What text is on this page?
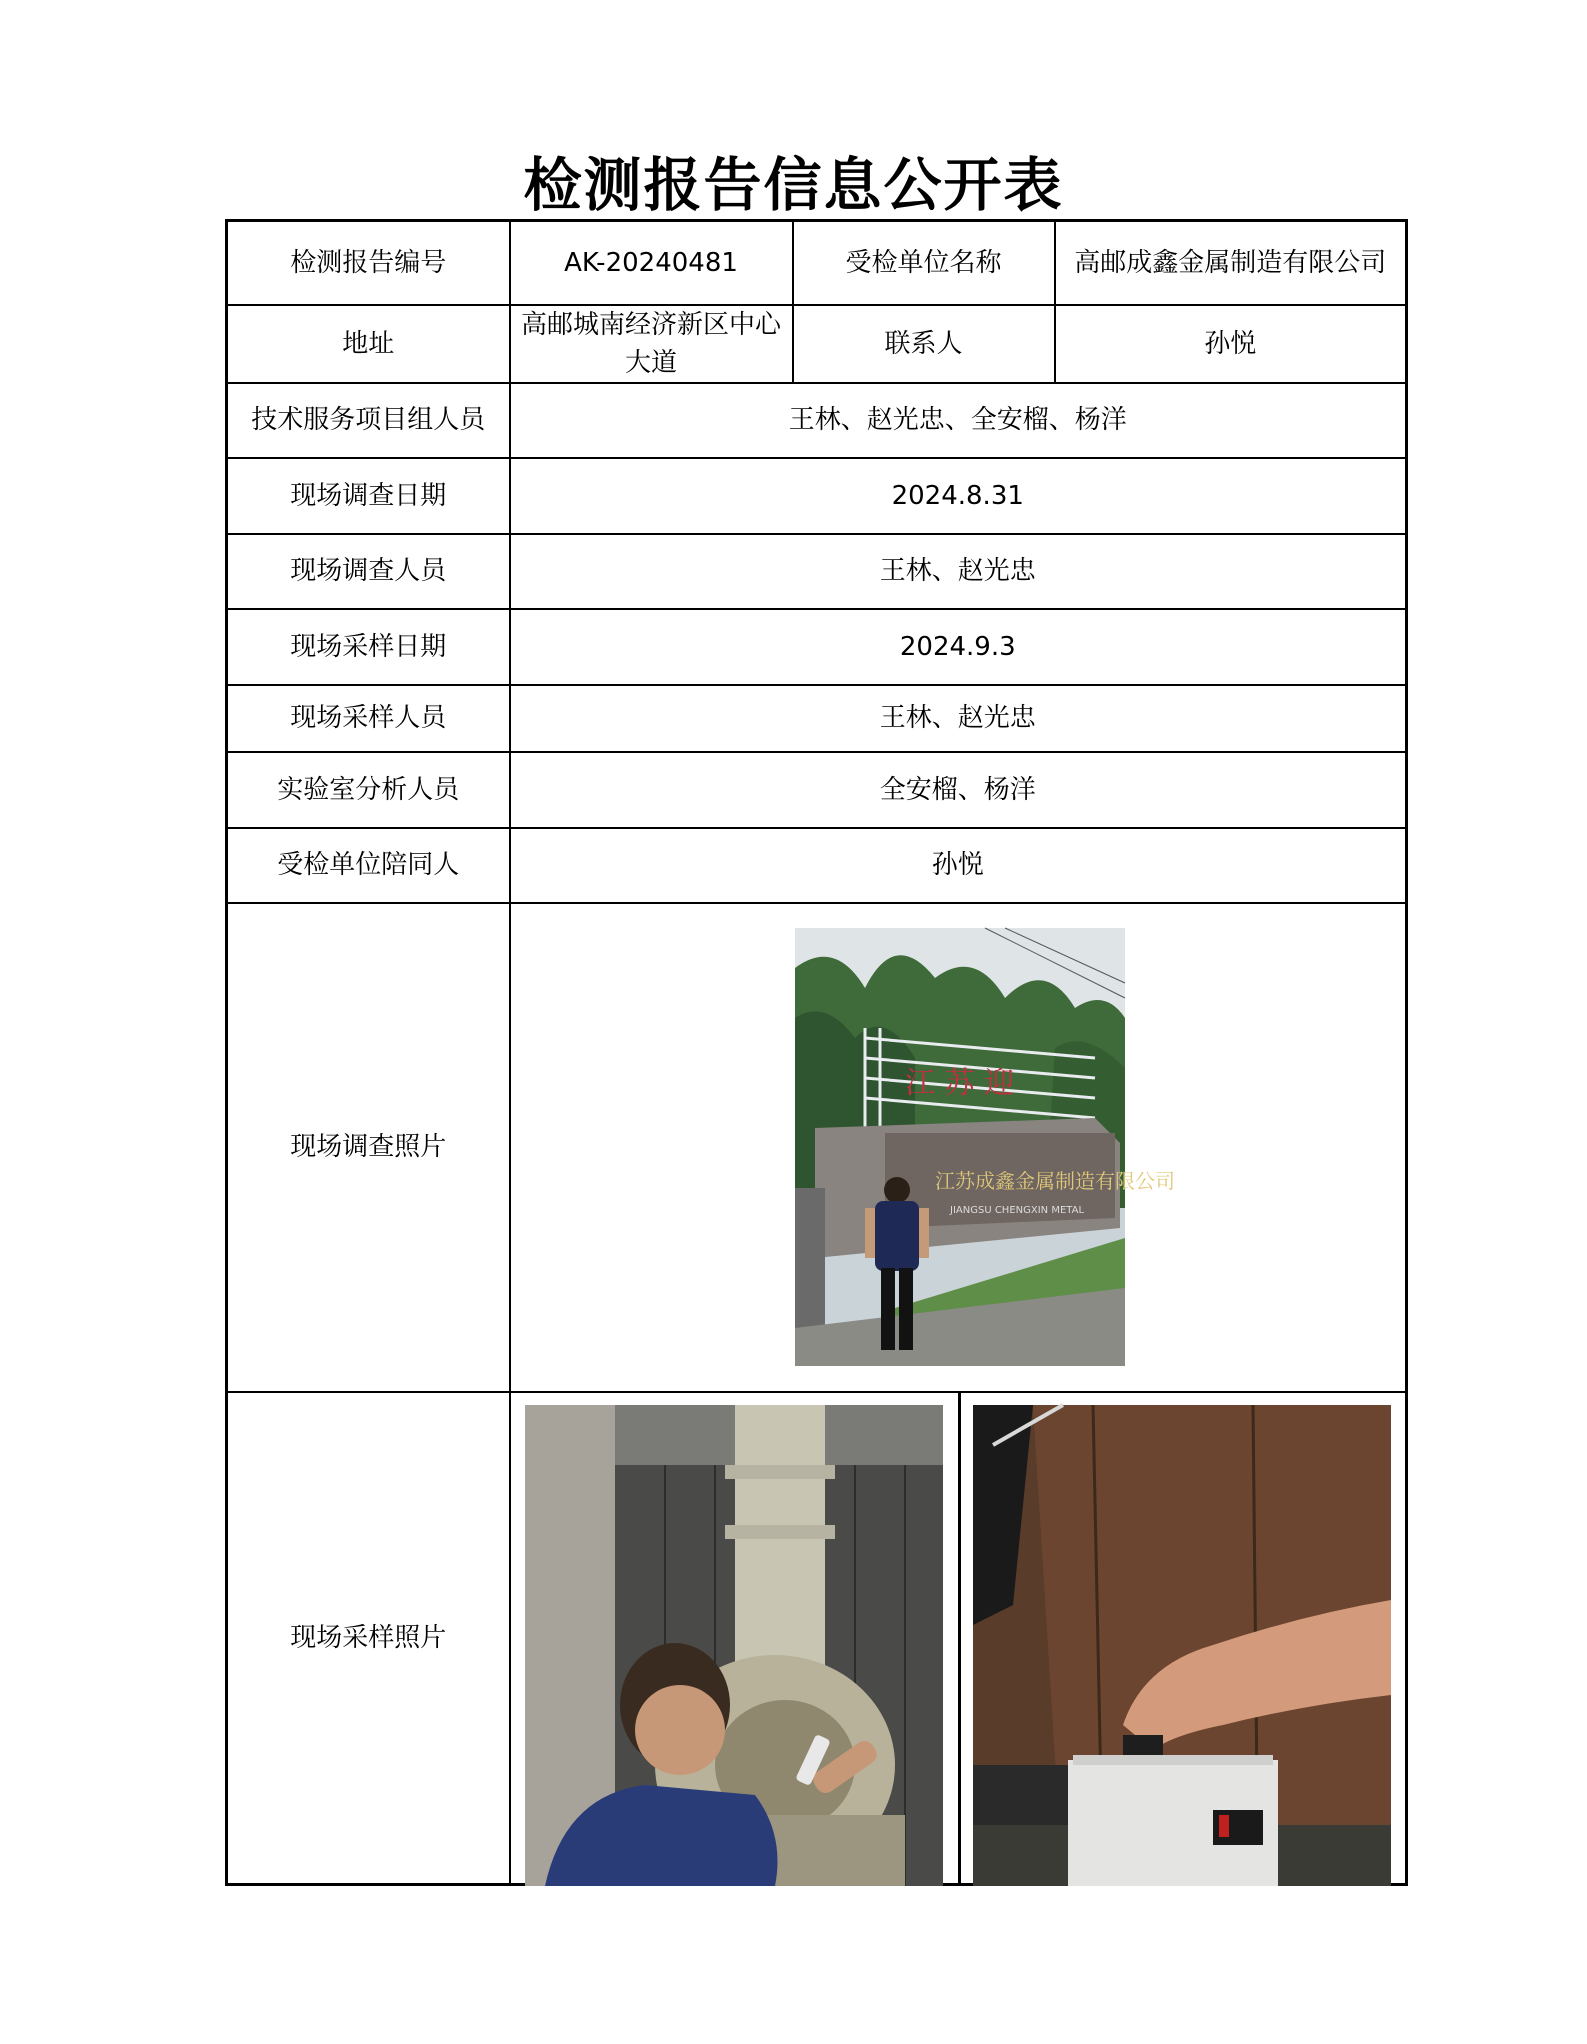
检测报告信息公开表
检测报告编号	AK-20240481	受检单位名称	高邮成鑫金属制造有限公司
地址	高邮城南经济新区中心大道	联系人	孙悦
技术服务项目组人员	王林、赵光忠、全安榴、杨洋		
现场调查日期	2024.8.31		
现场调查人员	王林、赵光忠		
现场采样日期	2024.9.3		
现场采样人员	王林、赵光忠		
实验室分析人员	全安榴、杨洋		
受检单位陪同人	孙悦		
现场调查照片	江 苏 迎
江苏成鑫金属制造有限公司
JIANGSU CHENGXIN METAL		

现场采样照片	
